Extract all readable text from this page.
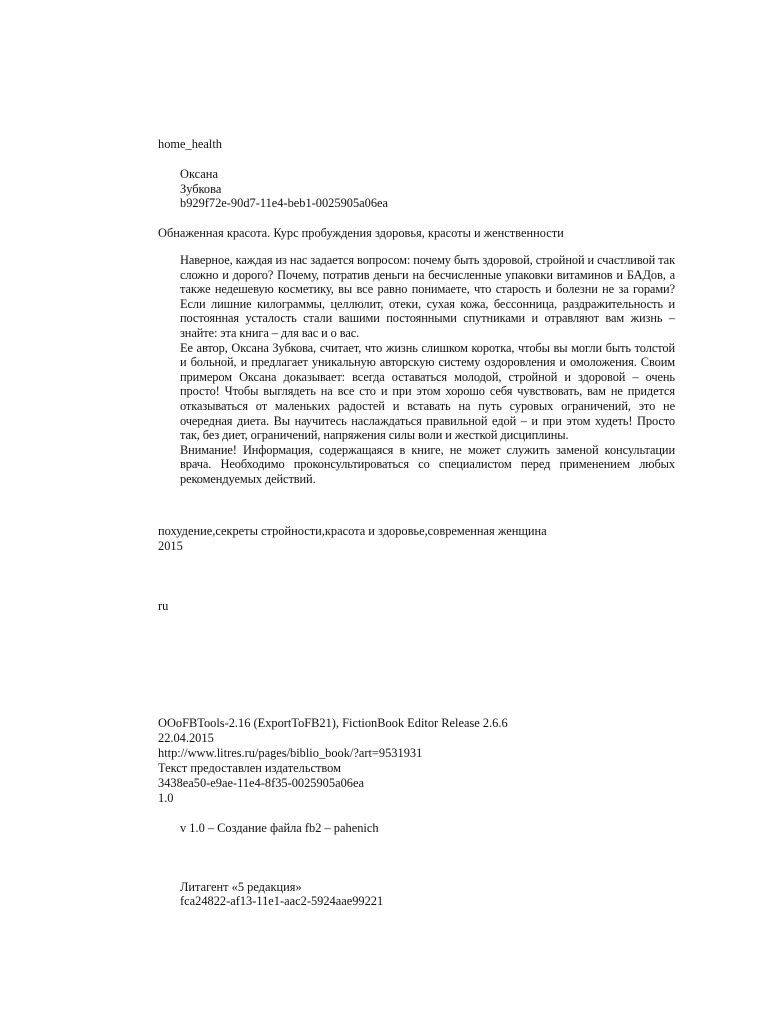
home_health
Оксана
Зубкова
b929f72e-90d7-11e4-beb1-0025905a06ea
Обнаженная красота. Курс пробуждения здоровья, красоты и женственности

Наверное, каждая из нас задается вопросом: почему быть здоровой, стройной и счастливой так сложно и дорого? Почему, потратив деньги на бесчисленные упаковки витаминов и БАДов, а также недешевую косметику, вы все равно понимаете, что старость и болезни не за горами? Если лишние килограммы, целлюлит, отеки, сухая кожа, бессонница, раздражительность и постоянная усталость стали вашими постоянными спутниками и отравляют вам жизнь – знайте: эта книга – для вас и о вас.

Ее автор, Оксана Зубкова, считает, что жизнь слишком коротка, чтобы вы могли быть толстой и больной, и предлагает уникальную авторскую систему оздоровления и омоложения. Своим примером Оксана доказывает: всегда оставаться молодой, стройной и здоровой – очень просто! Чтобы выглядеть на все сто и при этом хорошо себя чувствовать, вам не придется отказываться от маленьких радостей и вставать на путь суровых ограничений, это не очередная диета. Вы научитесь наслаждаться правильной едой – и при этом худеть! Просто так, без диет, ограничений, напряжения силы воли и жесткой дисциплины.

Внимание! Информация, содержащаяся в книге, не может служить заменой консультации врача. Необходимо проконсультироваться со специалистом перед применением любых рекомендуемых действий.

похудение,секреты стройности,красота и здоровье,современная женщина
2015
ru
OOoFBTools-2.16 (ExportToFB21), FictionBook Editor Release 2.6.6
22.04.2015
http://www.litres.ru/pages/biblio_book/?art=9531931
Текст предоставлен издательством
3438ea50-e9ae-11e4-8f35-0025905a06ea
1.0
v 1.0 – Создание файла fb2 – pahenich
Литагент «5 редакция»
fca24822-af13-11e1-aac2-5924aae99221
